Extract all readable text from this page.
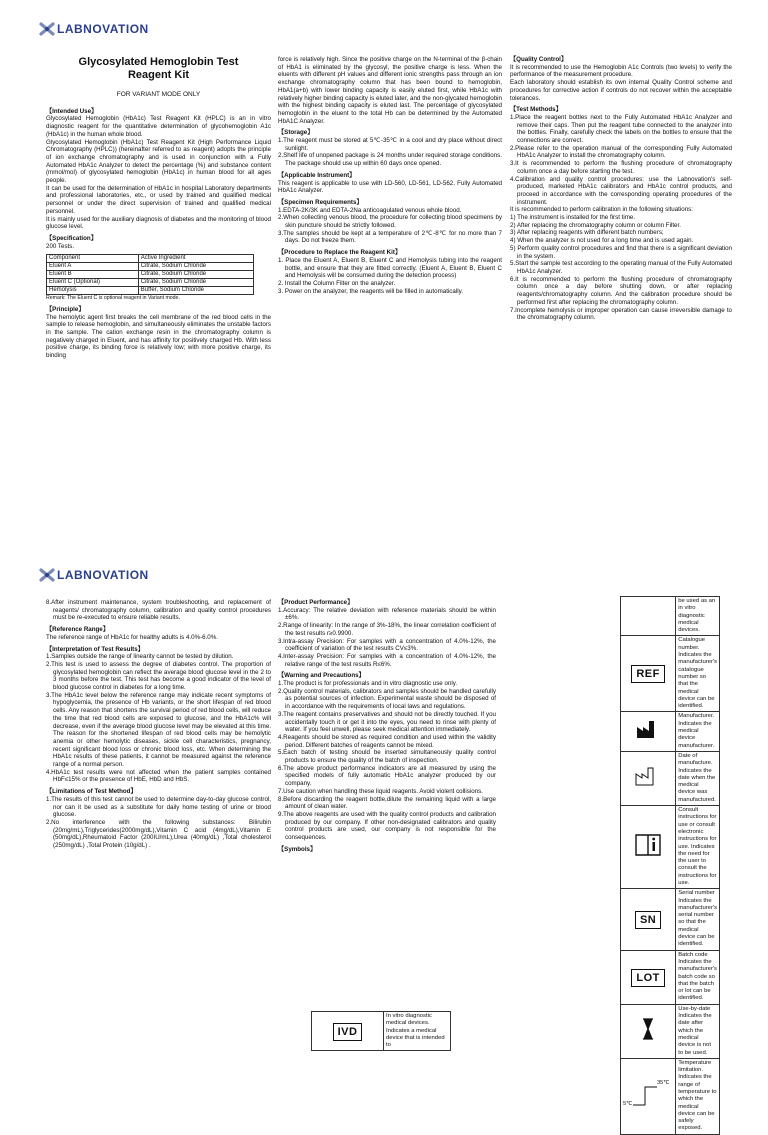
LABNOVATION
LABNOVATION
Glycosylated Hemoglobin Test
Reagent Kit
FOR VARIANT MODE ONLY
【Intended Use】

Glycosylated Hemoglobin (HbA1c) Test Reagent Kit (HPLC) is an in vitro diagnostic reagent for the quantitative determination of glycohemoglobin A1c (HbA1c) in the human whole blood.

Glycosylated Hemoglobin (HbA1c) Test Reagent Kit (High Performance Liquid Chromatography (HPLC)) (hereinafter referred to as reagent) adopts the principle of ion exchange chromatography and is used in conjunction with a Fully Automated HbA1c Analyzer to detect the percentage (%) and substance content (mmol/mol) of glycosylated hemoglobin (HbA1c) in human blood for all ages people.

It can be used for the determination of HbA1c in hospital Laboratory departments and professional laboratories, etc., or used by trained and qualified medical personnel or under the direct supervision of trained and qualified medical personnel.

It is mainly used for the auxiliary diagnosis of diabetes and the monitoring of blood glucose level.

【Specification】

200 Tests.

Component	Active Ingredient
Eluent A	Citrate, Sodium Chloride
Eluent B	Citrate, Sodium Chloride
Eluent C (Optional)	Citrate, Sodium Chloride
Hemolysis	Buffer, Sodium Chloride
Remark: The Eluent C is optional reagent in Variant mode.
【Principle】

The hemolytic agent first breaks the cell membrane of the red blood cells in the sample to release hemoglobin, and simultaneously eliminates the unstable factors in the sample. The cation exchange resin in the chromatography column is negatively charged in Eluent, and has affinity for positively charged Hb. With less positive charge, its binding force is relatively low; with more positive charge, its binding

force is relatively high. Since the positive charge on the N-terminal of the β-chain of HbA1 is eliminated by the glycosyl, the positive charge is less. When the eluents with different pH values and different ionic strengths pass through an ion exchange chromatography column that has been bound to hemoglobin, HbA1(a+b) with lower binding capacity is easily eluted first, while HbA1c with relatively higher binding capacity is eluted later, and the non-glycated hemoglobin with the highest binding capacity is eluted last. The percentage of glycosylated hemoglobin in the eluent to the total Hb can be determined by the Automated HbA1C Analyzer.

【Storage】
1.The reagent must be stored at 5℃-35℃ in a cool and dry place without direct sunlight.
2.Shelf life of unopened package is 24 months under required storage conditions. The package should use up within 60 days once opened.
【Applicable Instrument】

This reagent is applicable to use with LD-560, LD-561, LD-562, Fully Automated HbA1c Analyzer.

【Specimen Requirements】
1.EDTA-2K/3K and EDTA-2Na anticoagulated venous whole blood.
2.When collecting venous blood, the procedure for collecting blood specimens by skin puncture should be strictly followed.
3.The samples should be kept at a temperature of 2℃-8℃ for no more than 7 days. Do not freeze them.
【Procedure to Replace the Reagent Kit】
1. Place the Eluent A, Eluent B, Eluent C and Hemolysis tubing into the reagent bottle, and ensure that they are fitted correctly. (Eluent A, Eluent B, Eluent C and Hemolysis will be consumed during the detection process)
2. Install the Column Filter on the analyzer.
3. Power on the analyzer, the reagents will be filled in automatically.
【Quality Control】

It is recommended to use the Hemoglobin A1c Controls (two levels) to verify the performance of the measurement procedure.

Each laboratory should establish its own internal Quality Control scheme and procedures for corrective action if controls do not recover within the acceptable tolerances.

【Test Methods】
1.Place the reagent bottles next to the Fully Automated HbA1c Analyzer and remove their caps. Then put the reagent tube connected to the analyzer into the bottles. Finally, carefully check the labels on the bottles to ensure that the connections are correct.
2.Please refer to the operation manual of the corresponding Fully Automated HbA1c Analyzer to install the chromatography column.
3.It is recommended to perform the flushing procedure of chromatography column once a day before starting the test.
4.Calibration and quality control procedures: use the Labnovation's self-produced, marketed HbA1c calibrators and HbA1c control products, and proceed in accordance with the corresponding operating procedures of the instrument.

It is recommended to perform calibration in the following situations:

1) The instrument is installed for the first time.
2) After replacing the chromatography column or column Filter.
3) After replacing reagents with different batch numbers;
4) When the analyzer is not used for a long time and is used again.
5) Perform quality control procedures and find that there is a significant deviation in the system.
5.Start the sample test according to the operating manual of the Fully Automated HbA1c Analyzer.
6.It is recommended to perform the flushing procedure of chromatography column once a day before shutting down, or after replacing reagents/chromatography column. And the calibration procedure should be performed first after replacing the chromatography column.
7.Incomplete hemolysis or improper operation can cause irreversible damage to the chromatography column.
8.After instrument maintenance, system troubleshooting, and replacement of reagents/ chromatography column, calibration and quality control procedures must be re-executed to ensure reliable results.
【Reference Range】

The reference range of HbA1c for healthy adults is 4.0%-6.0%.

【Interpretation of Test Results】
1.Samples outside the range of linearity cannot be tested by dilution.
2.This test is used to assess the degree of diabetes control. The proportion of glycosylated hemoglobin can reflect the average blood glucose level in the 2 to 3 months before the test. This test has become a good indicator of the level of blood glucose control in diabetes for a long time.
3.The HbA1c level below the reference range may indicate recent symptoms of hypoglycemia, the presence of Hb variants, or the short lifespan of red blood cells. Any reason that shortens the survival period of red blood cells, will reduce the time that red blood cells are exposed to glucose, and the HbA1c% will decrease, even if the average blood glucose level may be elevated at this time. The reason for the shortened lifespan of red blood cells may be hemolytic anemia or other hemolytic diseases, sickle cell characteristics, pregnancy, recent significant blood loss or chronic blood loss, etc. When determining the HbA1c results of these patients, it cannot be measured against the reference range of a normal person.
4.HbA1c test results were not affected when the patient samples contained HbF≤15% or the presence of HbE, HbD and HbS.
【Limitations of Test Method】
1.The results of this test cannot be used to determine day-to-day glucose control, nor can it be used as a substitute for daily home testing of urine or blood glucose.
2.No interference with the following substances: Bilirubin (20mg/mL),Triglycerides(2000mg/dL),Vitamin C acid (4mg/dL),Vitamin E (50mg/dL),Rheumatoid Factor (200IU/mL),Urea (40mg/dL) ,Total cholesterol (250mg/dL) ,Total Protein (10g/dL) .
【Product Performance】
1.Accuracy: The relative deviation with reference materials should be within ±6%.
2.Range of linearity: In the range of 3%-18%, the linear correlation coefficient of the test results r≥0.9900.
3.Intra-assay Precision: For samples with a concentration of 4.0%-12%, the coefficient of variation of the test results CV≤3%.
4.Inter-assay Precision: For samples with a concentration of 4.0%-12%, the relative range of the test results R≤6%.
【Warning and Precautions】
1.The product is for professionals and in vitro diagnostic use only.
2.Quality control materials, calibrators and samples should be handled carefully as potential sources of infection. Experimental waste should be disposed of in accordance with the requirements of local laws and regulations.
3.The reagent contains preservatives and should not be directly touched. If you accidentally touch it or get it into the eyes, you need to rinse with plenty of water. If you feel unwell, please seek medical attention immediately.
4.Reagents should be stored as required condition and used within the validity period. Different batches of reagents cannot be mixed.
5.Each batch of testing should be inserted simultaneously quality control products to ensure the quality of the batch of inspection.
6.The above product performance indicators are all measured by using the specified models of fully automatic HbA1c analyzer produced by our company.
7.Use caution when handling these liquid reagents. Avoid violent collisions.
8.Before discarding the reagent bottle,dilute the remaining liquid with a large amount of clean water.
9.The above reagents are used with the quality control products and calibration produced by our company. If other non-designated calibrators and quality control products are used, our company is not responsible for the consequences.
【Symbols】
IVD	In vitro diagnostic medical devices. Indicates a medical device that is intended to
	be used as an in vitro diagnostic medical devices.
REF	Catalogue number. Indicates the manufacturer's catalogue number so that the medical device can be identified.
	Manufacturer. Indicates the medical device manufacturer.
	Date of manufacture. Indicates the date when the medical device was manufactured.
	Consult instructions for use or consult electronic instructions for use. Indicates the need for the user to consult the instructions for use.
SN	Serial number Indicates the manufacturer's serial number so that the medical device can be identified.
LOT	Batch code Indicates the manufacturer's batch code so that the batch or lot can be identified.
	Use-by-date Indicates the date after which the medical device is not to be used.

35℃
5℃	Temperature limitation. Indicates the range of temperature to which the medical device can be safely exposed.
